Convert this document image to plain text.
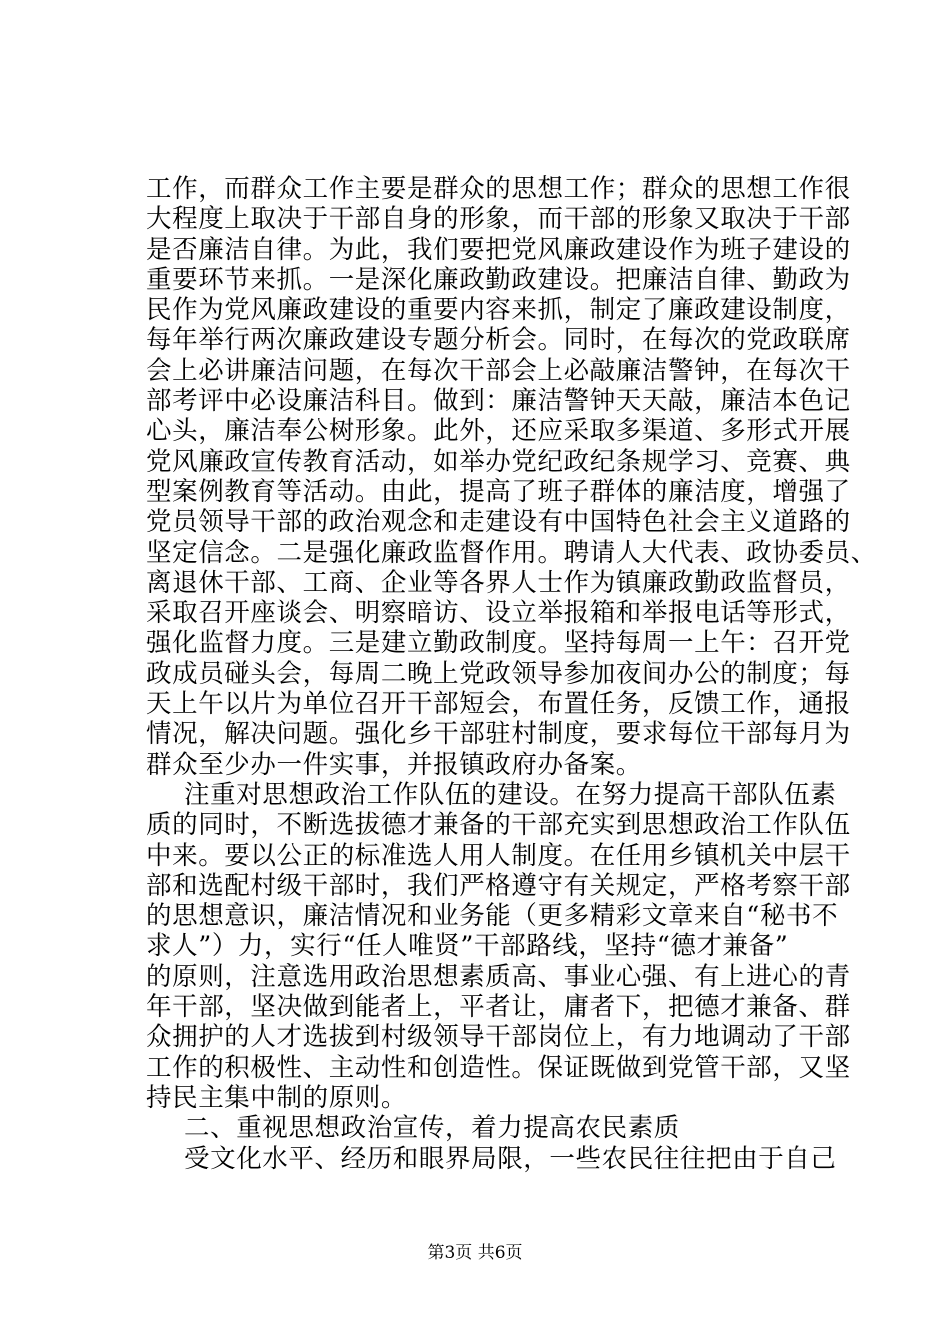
工作，而群众工作主要是群众的思想工作；群众的思想工作很
大程度上取决于干部自身的形象，而干部的形象又取决于干部
是否廉洁自律。为此，我们要把党风廉政建设作为班子建设的
重要环节来抓。一是深化廉政勤政建设。把廉洁自律、勤政为
民作为党风廉政建设的重要内容来抓，制定了廉政建设制度，
每年举行两次廉政建设专题分析会。同时，在每次的党政联席
会上必讲廉洁问题，在每次干部会上必敲廉洁警钟，在每次干
部考评中必设廉洁科目。做到：廉洁警钟天天敲，廉洁本色记
心头，廉洁奉公树形象。此外，还应采取多渠道、多形式开展
党风廉政宣传教育活动，如举办党纪政纪条规学习、竞赛、典
型案例教育等活动。由此，提高了班子群体的廉洁度，增强了
党员领导干部的政治观念和走建设有中国特色社会主义道路的
坚定信念。二是强化廉政监督作用。聘请人大代表、政协委员、
离退休干部、工商、企业等各界人士作为镇廉政勤政监督员，
采取召开座谈会、明察暗访、设立举报箱和举报电话等形式，
强化监督力度。三是建立勤政制度。坚持每周一上午：召开党
政成员碰头会，每周二晚上党政领导参加夜间办公的制度；每
天上午以片为单位召开干部短会，布置任务，反馈工作，通报
情况，解决问题。强化乡干部驻村制度，要求每位干部每月为
群众至少办一件实事，并报镇政府办备案。
注重对思想政治工作队伍的建设。在努力提高干部队伍素
质的同时，不断选拔德才兼备的干部充实到思想政治工作队伍
中来。要以公正的标准选人用人制度。在任用乡镇机关中层干
部和选配村级干部时，我们严格遵守有关规定，严格考察干部
的思想意识，廉洁情况和业务能（更多精彩文章来自“秘书不
求人”）力，实行“任人唯贤”干部路线，坚持“德才兼备”
的原则，注意选用政治思想素质高、事业心强、有上进心的青
年干部，坚决做到能者上，平者让，庸者下，把德才兼备、群
众拥护的人才选拔到村级领导干部岗位上，有力地调动了干部
工作的积极性、主动性和创造性。保证既做到党管干部，又坚
持民主集中制的原则。
二、重视思想政治宣传，着力提高农民素质
受文化水平、经历和眼界局限，一些农民往往把由于自己
第3页 共6页
